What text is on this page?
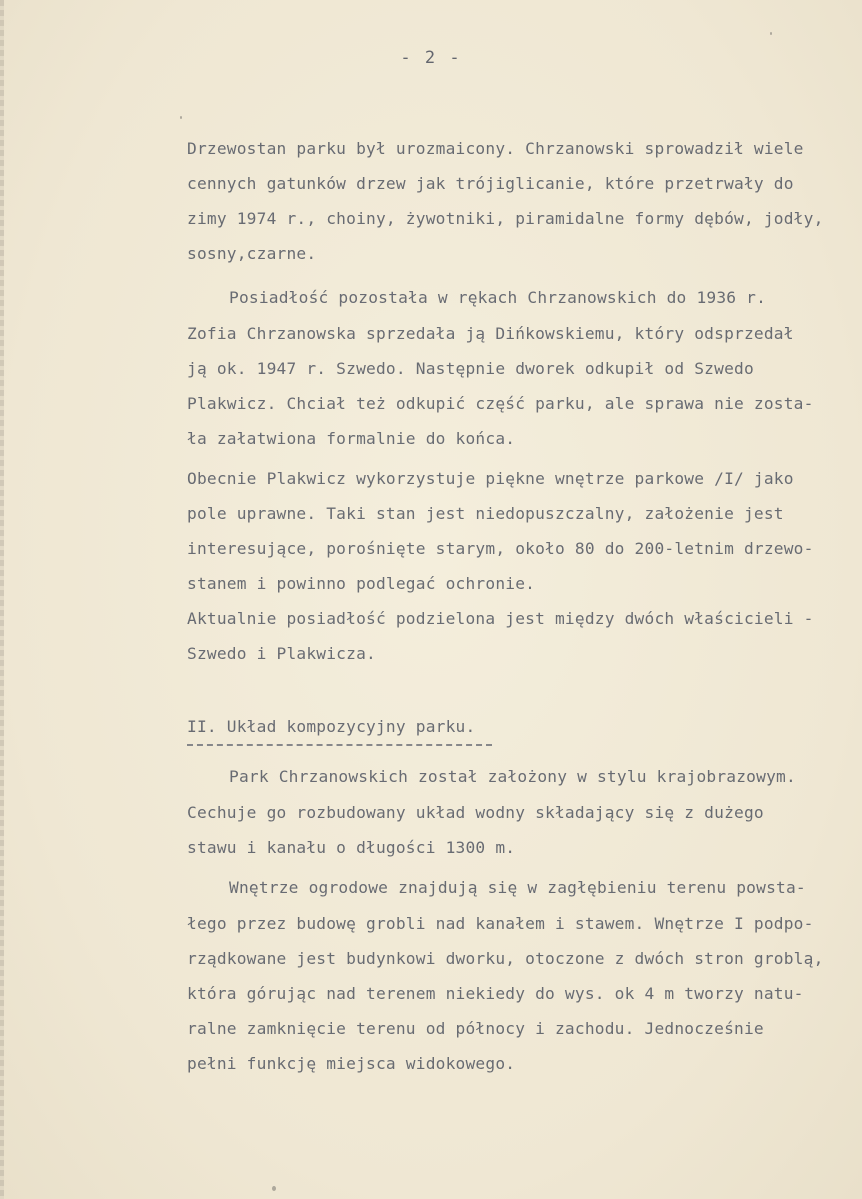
- 2 -
Drzewostan parku był urozmaicony. Chrzanowski sprowadził wiele
cennych gatunków drzew jak trójiglicanie, które przetrwały do
zimy 1974 r., choiny, żywotniki, piramidalne formy dębów, jodły,
sosny,czarne.
Posiadłość pozostała w rękach Chrzanowskich do 1936 r.
Zofia Chrzanowska sprzedała ją Dińkowskiemu, który odsprzedał
ją ok. 1947 r. Szwedo. Następnie dworek odkupił od Szwedo
Plakwicz. Chciał też odkupić część parku, ale sprawa nie zosta-
ła załatwiona formalnie do końca.
Obecnie Plakwicz wykorzystuje piękne wnętrze parkowe /I/ jako
pole uprawne. Taki stan jest niedopuszczalny, założenie jest
interesujące, porośnięte starym, około 80 do 200-letnim drzewo-
stanem i powinno podlegać ochronie.
Aktualnie posiadłość podzielona jest między dwóch właścicieli -
Szwedo i Plakwicza.
II. Układ kompozycyjny parku.
Park Chrzanowskich został założony w stylu krajobrazowym.
Cechuje go rozbudowany układ wodny składający się z dużego
stawu i kanału o długości 1300 m.
Wnętrze ogrodowe znajdują się w zagłębieniu terenu powsta-
łego przez budowę grobli nad kanałem i stawem. Wnętrze I podpo-
rządkowane jest budynkowi dworku, otoczone z dwóch stron groblą,
która górując nad terenem niekiedy do wys. ok 4 m tworzy natu-
ralne zamknięcie terenu od północy i zachodu. Jednocześnie
pełni funkcję miejsca widokowego.
